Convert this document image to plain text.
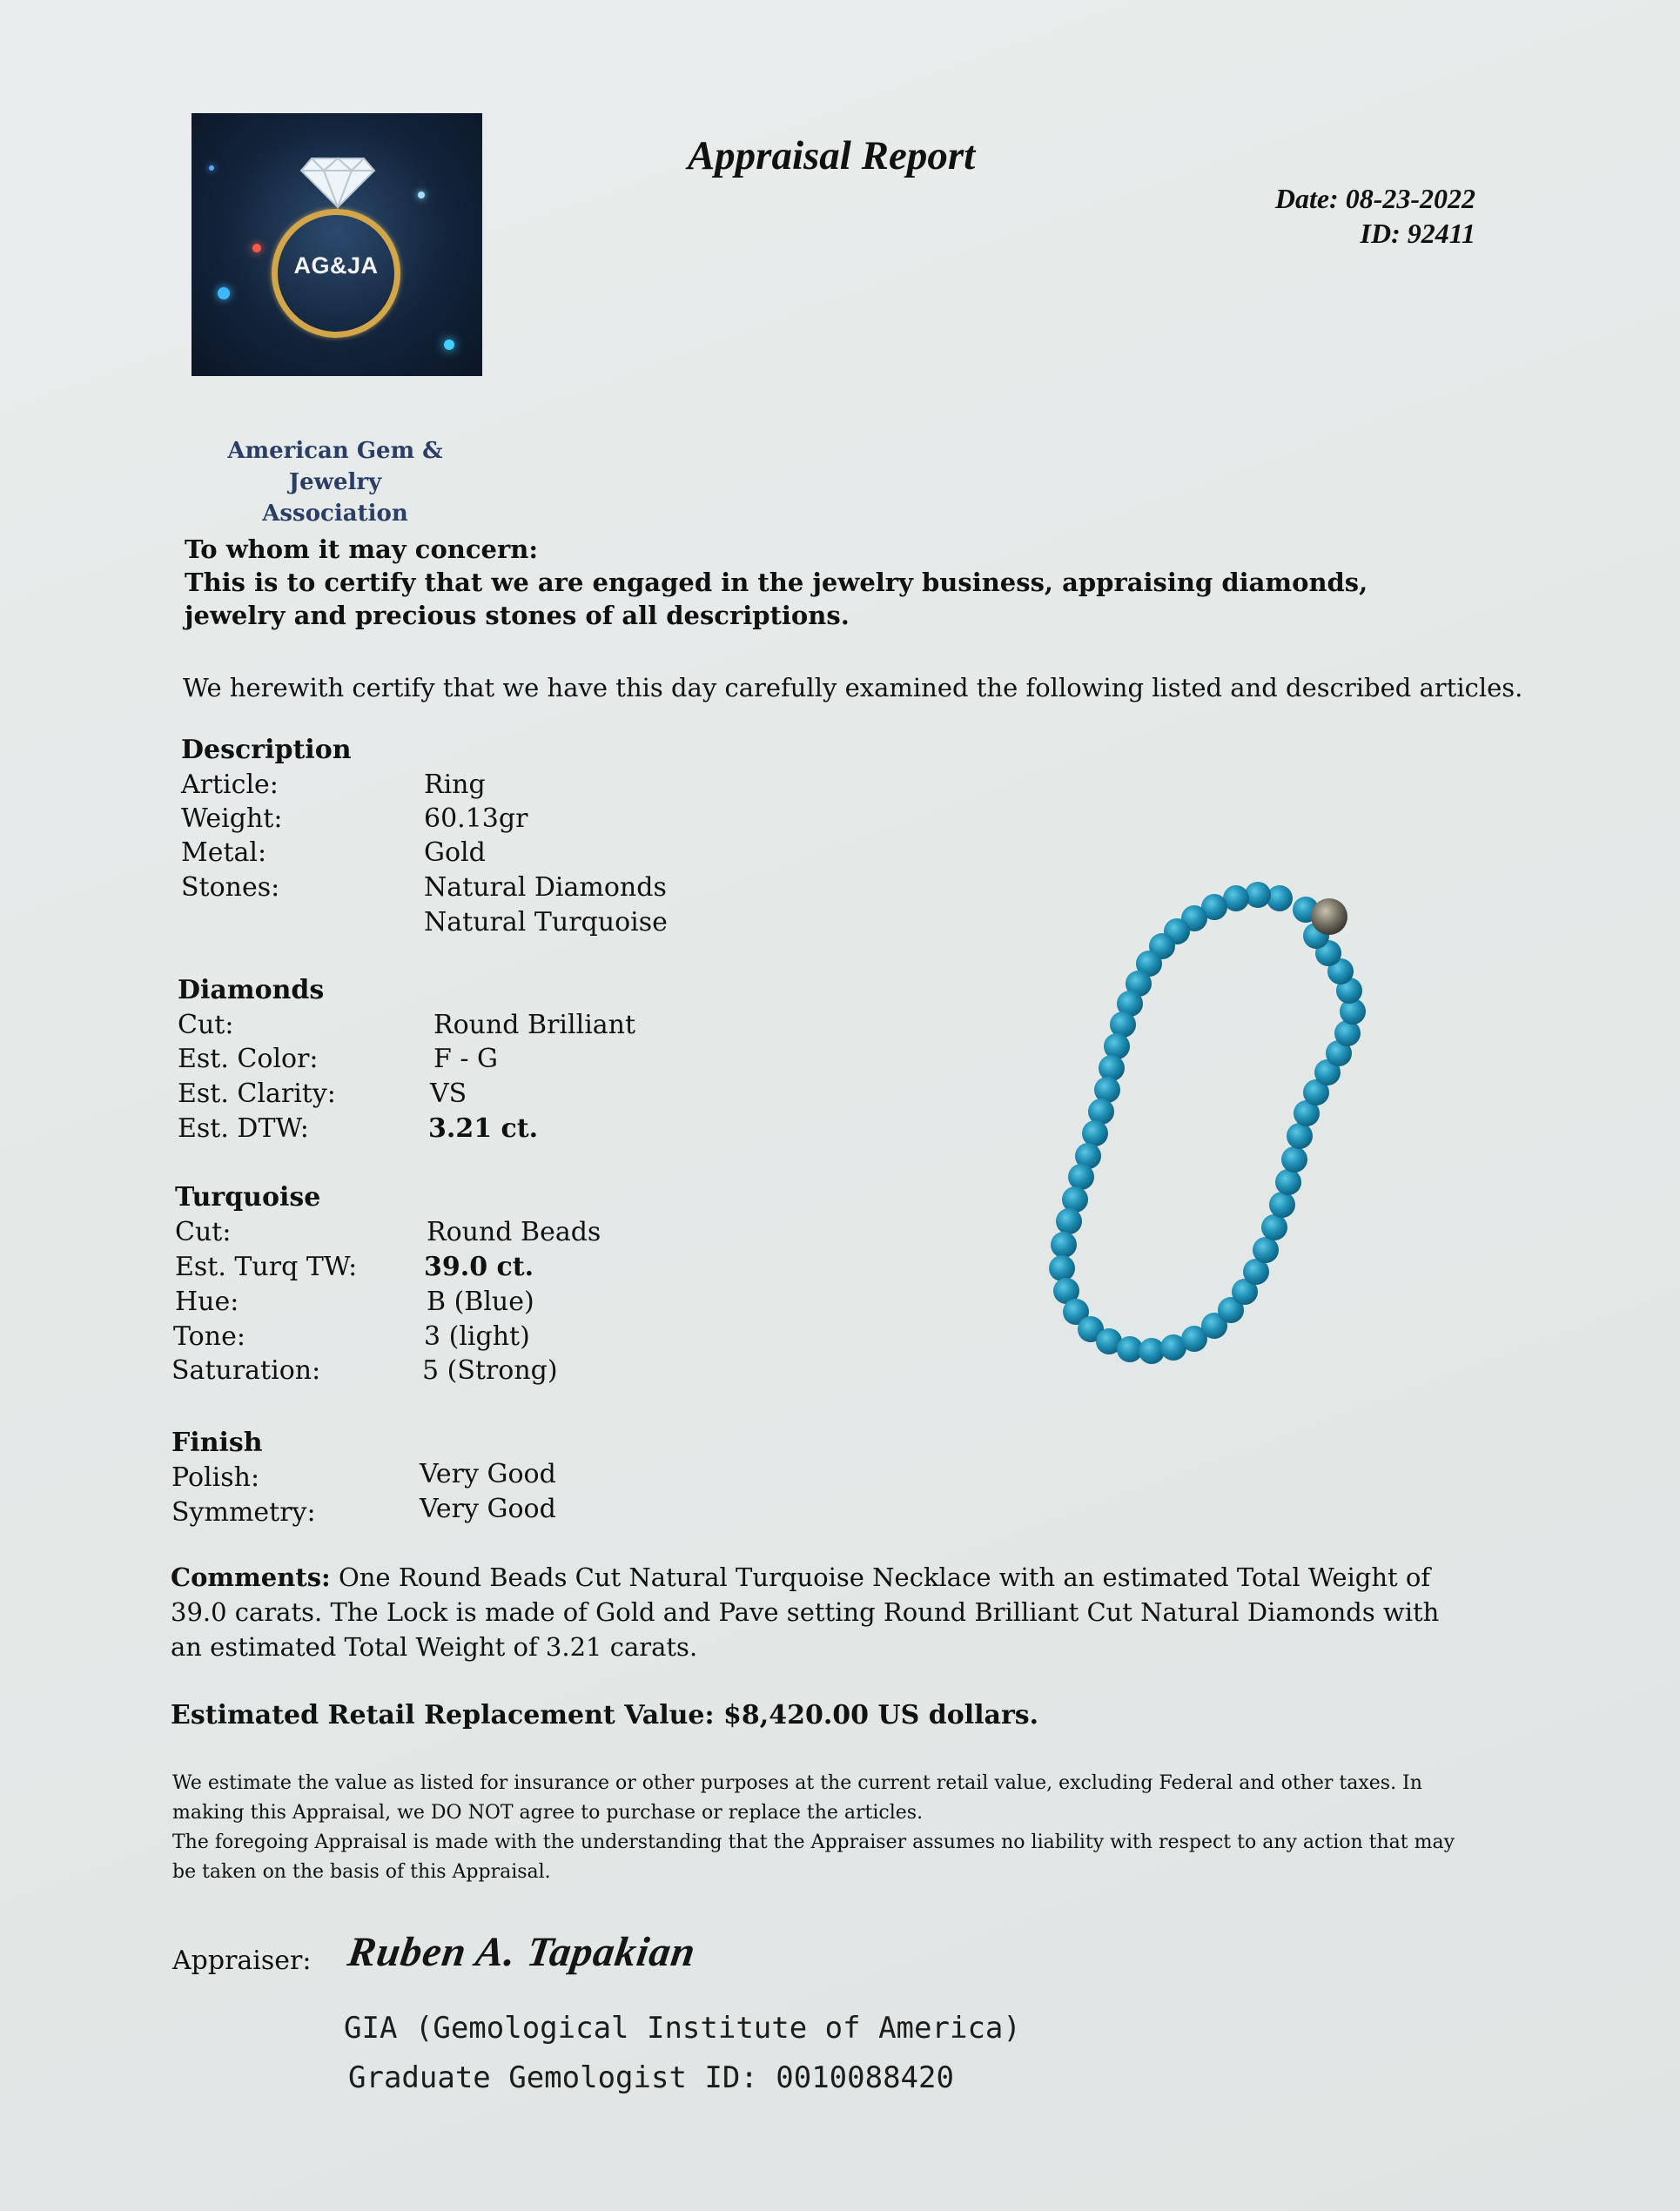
AG&JA
American Gem & Jewelry
Association
Appraisal Report
Date: 08-23-2022
ID: 92411
To whom it may concern:
This is to certify that we are engaged in the jewelry business, appraising diamonds, jewelry and precious stones of all descriptions.
We herewith certify that we have this day carefully examined the following listed and described articles.
Description
Article:	Ring
Weight:	60.13gr
Metal:	Gold
Stones:	Natural Diamonds
Natural Turquoise
Diamonds
Cut:	Round Brilliant
Est. Color:	F - G
Est. Clarity:	VS
Est. DTW:	3.21 ct.
Turquoise
Cut:	Round Beads
Est. Turq TW:	39.0 ct.
Hue:	B (Blue)
Tone:	3 (light)
Saturation:	5 (Strong)
Finish
Polish:	Very Good
Symmetry:	Very Good
Comments: One Round Beads Cut Natural Turquoise Necklace with an estimated Total Weight of 39.0 carats. The Lock is made of Gold and Pave setting Round Brilliant Cut Natural Diamonds with an estimated Total Weight of 3.21 carats.
Estimated Retail Replacement Value: $8,420.00 US dollars.
We estimate the value as listed for insurance or other purposes at the current retail value, excluding Federal and other taxes. In making this Appraisal, we DO NOT agree to purchase or replace the articles.
The foregoing Appraisal is made with the understanding that the Appraiser assumes no liability with respect to any action that may be taken on the basis of this Appraisal.
Appraiser: Ruben A. Tapakian
GIA (Gemological Institute of America)
Graduate Gemologist ID: 0010088420
